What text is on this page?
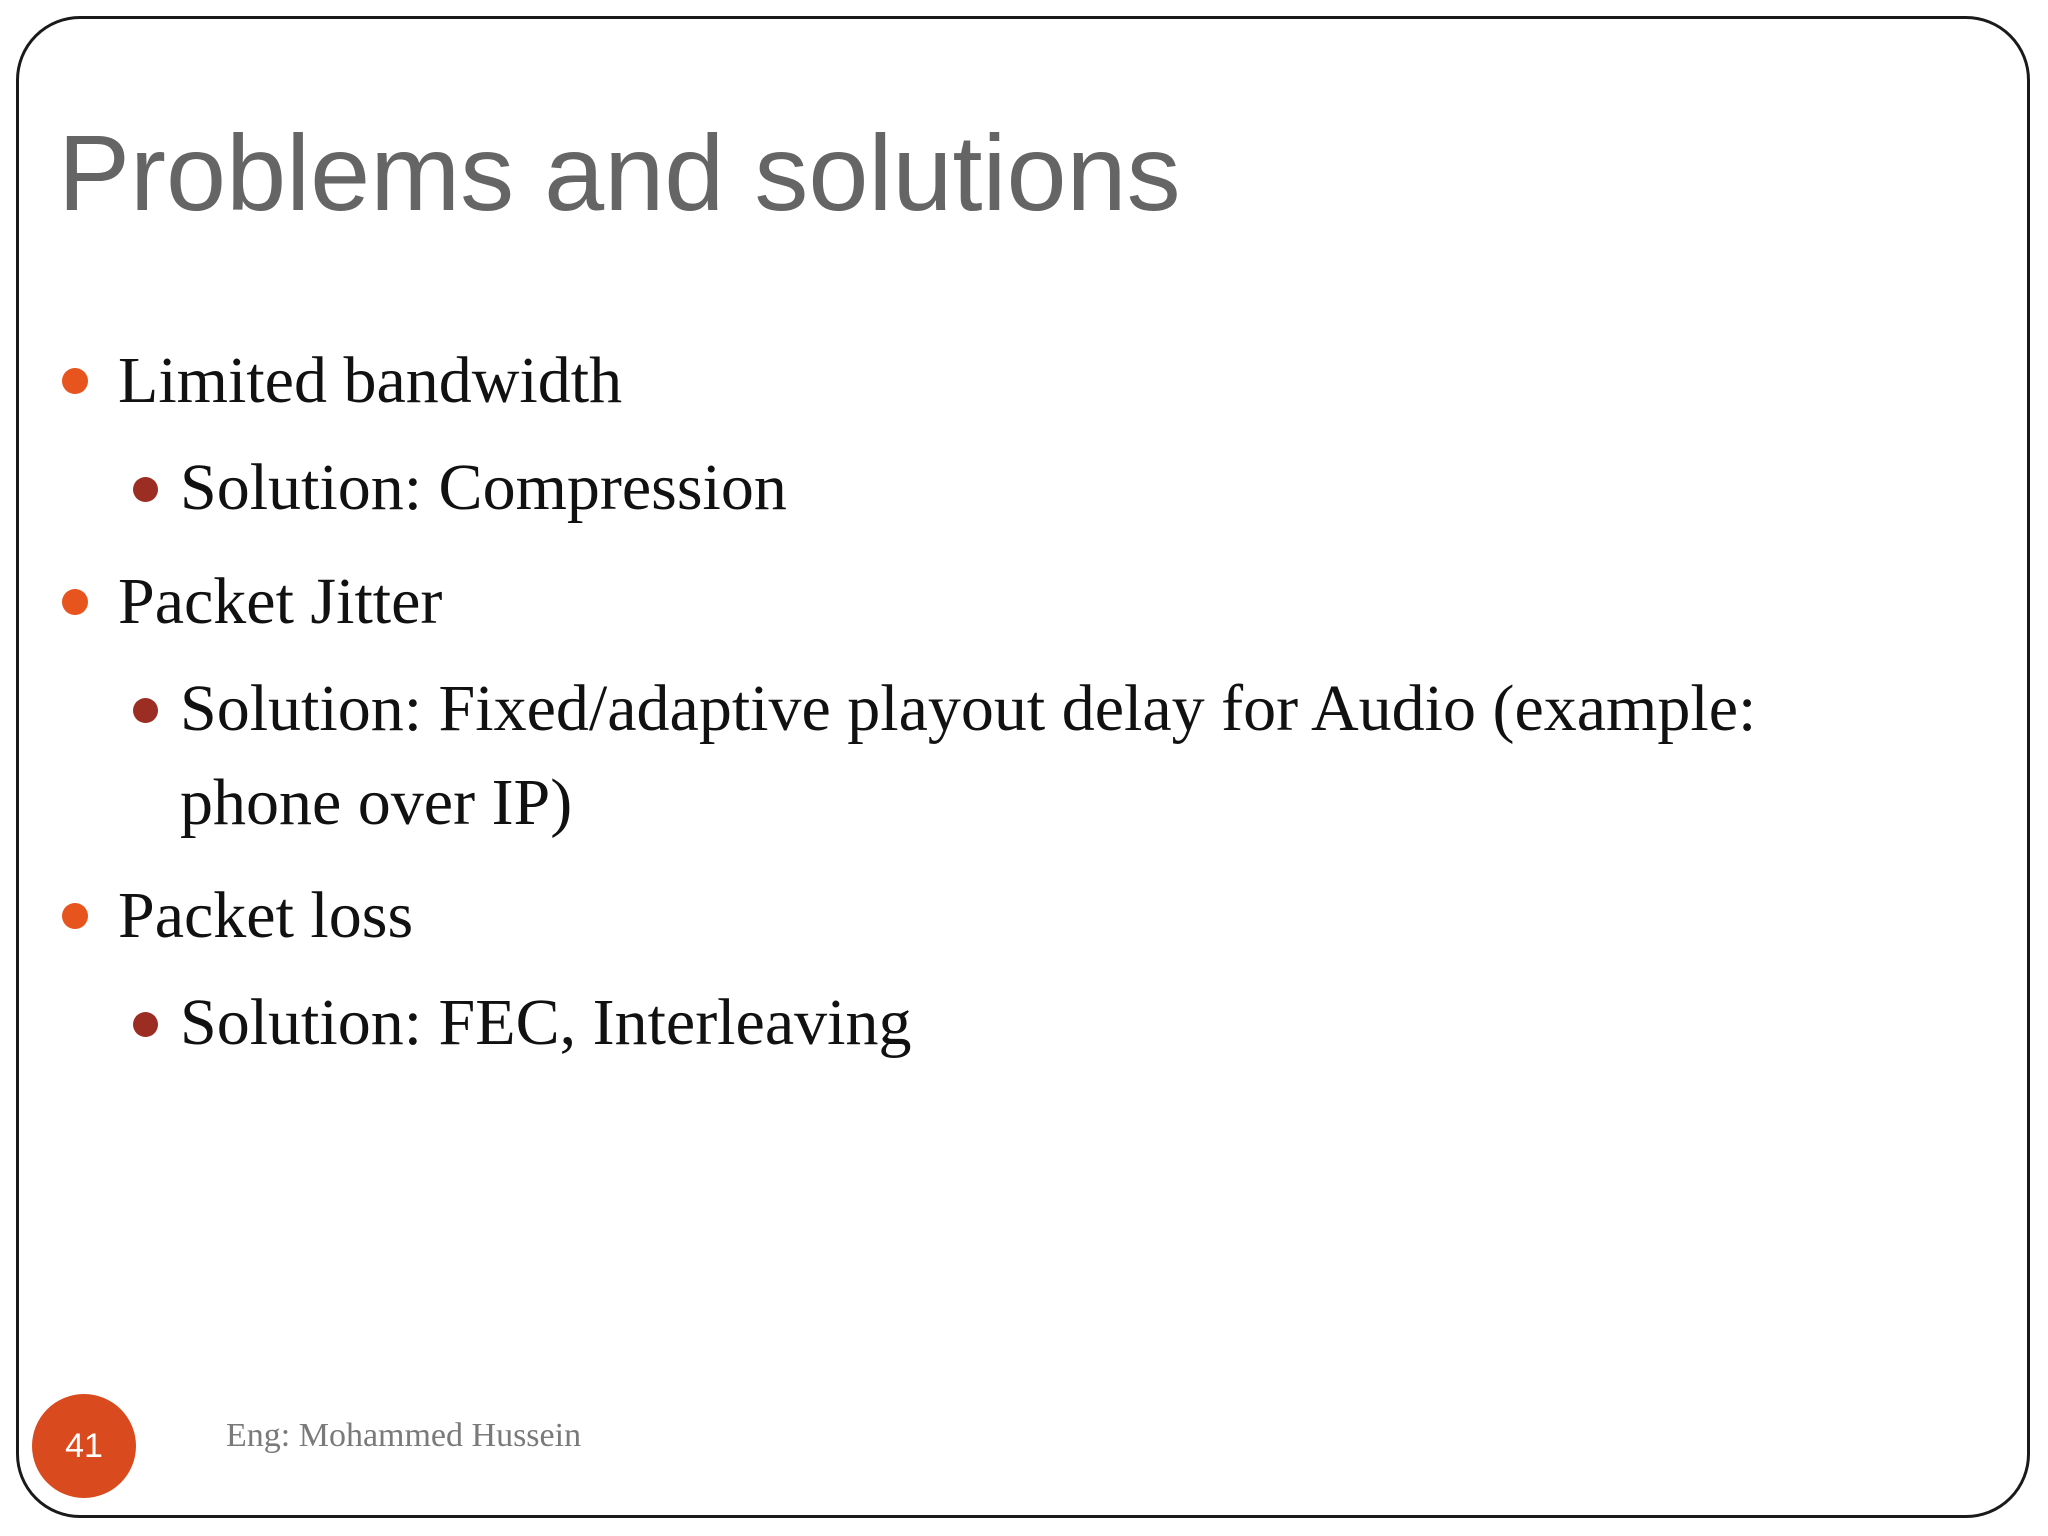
Problems and solutions
Limited bandwidth
Solution: Compression
Packet Jitter
Solution: Fixed/adaptive playout delay for Audio (example:
phone over IP)
Packet loss
Solution: FEC, Interleaving
41	Eng: Mohammed Hussein
